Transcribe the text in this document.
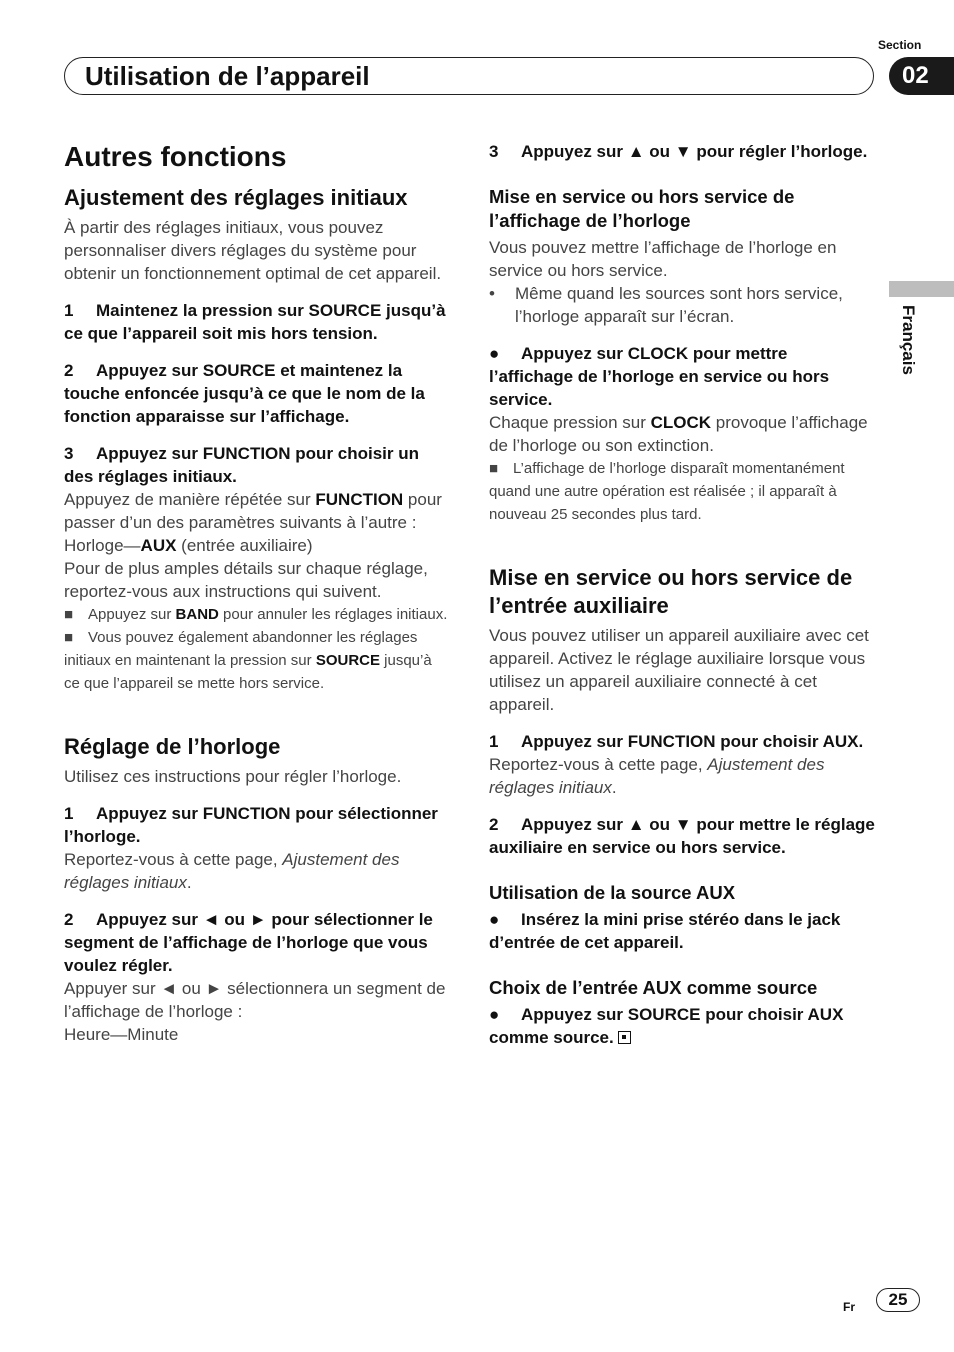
Section
Utilisation de l’appareil	02
Français
Autres fonctions
Ajustement des réglages initiaux

À partir des réglages initiaux, vous pouvez personnaliser divers réglages du système pour obtenir un fonctionnement optimal de cet appareil.

1 Maintenez la pression sur SOURCE jusqu’à ce que l’appareil soit mis hors tension.

2 Appuyez sur SOURCE et maintenez la touche enfoncée jusqu’à ce que le nom de la fonction apparaisse sur l’affichage.

3 Appuyez sur FUNCTION pour choisir un des réglages initiaux.

Appuyez de manière répétée sur FUNCTION pour passer d’un des paramètres suivants à l’autre :

Horloge—AUX (entrée auxiliaire)

Pour de plus amples détails sur chaque réglage, reportez-vous aux instructions qui suivent.

■ Appuyez sur BAND pour annuler les réglages initiaux.

■ Vous pouvez également abandonner les réglages initiaux en maintenant la pression sur SOURCE jusqu’à ce que l’appareil se mette hors service.

Réglage de l’horloge

Utilisez ces instructions pour régler l’horloge.

1 Appuyez sur FUNCTION pour sélectionner l’horloge.

Reportez-vous à cette page, Ajustement des réglages initiaux.

2 Appuyez sur ◄ ou ► pour sélectionner le segment de l’affichage de l’horloge que vous voulez régler.

Appuyer sur ◄ ou ► sélectionnera un segment de l’affichage de l’horloge :

Heure—Minute

3 Appuyez sur ▲ ou ▼ pour régler l’horloge.

Mise en service ou hors service de l’affichage de l’horloge

Vous pouvez mettre l’affichage de l’horloge en service ou hors service.

• Même quand les sources sont hors service, l’horloge apparaît sur l’écran.

● Appuyez sur CLOCK pour mettre l’affichage de l’horloge en service ou hors service.

Chaque pression sur CLOCK provoque l’affichage de l’horloge ou son extinction.

■ L’affichage de l’horloge disparaît momentanément quand une autre opération est réalisée ; il apparaît à nouveau 25 secondes plus tard.

Mise en service ou hors service de l’entrée auxiliaire

Vous pouvez utiliser un appareil auxiliaire avec cet appareil. Activez le réglage auxiliaire lorsque vous utilisez un appareil auxiliaire connecté à cet appareil.

1 Appuyez sur FUNCTION pour choisir AUX.

Reportez-vous à cette page, Ajustement des réglages initiaux.

2 Appuyez sur ▲ ou ▼ pour mettre le réglage auxiliaire en service ou hors service.

Utilisation de la source AUX

● Insérez la mini prise stéréo dans le jack d’entrée de cet appareil.

Choix de l’entrée AUX comme source

● Appuyez sur SOURCE pour choisir AUX comme source.

Fr	25
